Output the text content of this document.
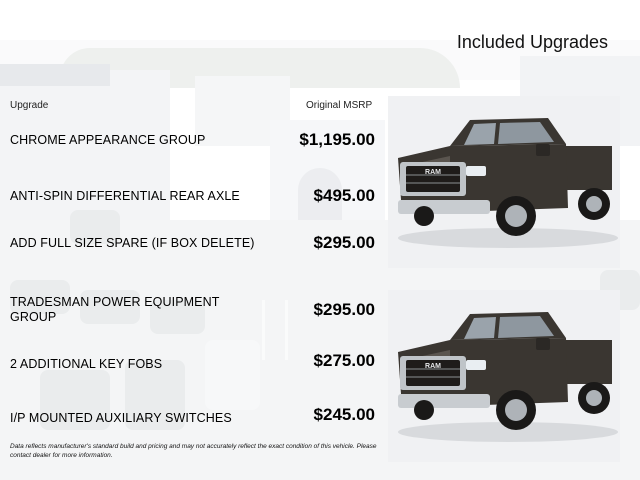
Included Upgrades
Upgrade	Original MSRP
CHROME APPEARANCE GROUP	$1,195.00
ANTI-SPIN DIFFERENTIAL REAR AXLE	$495.00
ADD FULL SIZE SPARE (IF BOX DELETE)	$295.00
TRADESMAN POWER EQUIPMENT GROUP	$295.00
2 ADDITIONAL KEY FOBS	$275.00
I/P MOUNTED AUXILIARY SWITCHES	$245.00
Data reflects manufacturer's standard build and pricing and may not accurately reflect the exact condition of this vehicle. Please contact dealer for more information.
RAM
RAM
